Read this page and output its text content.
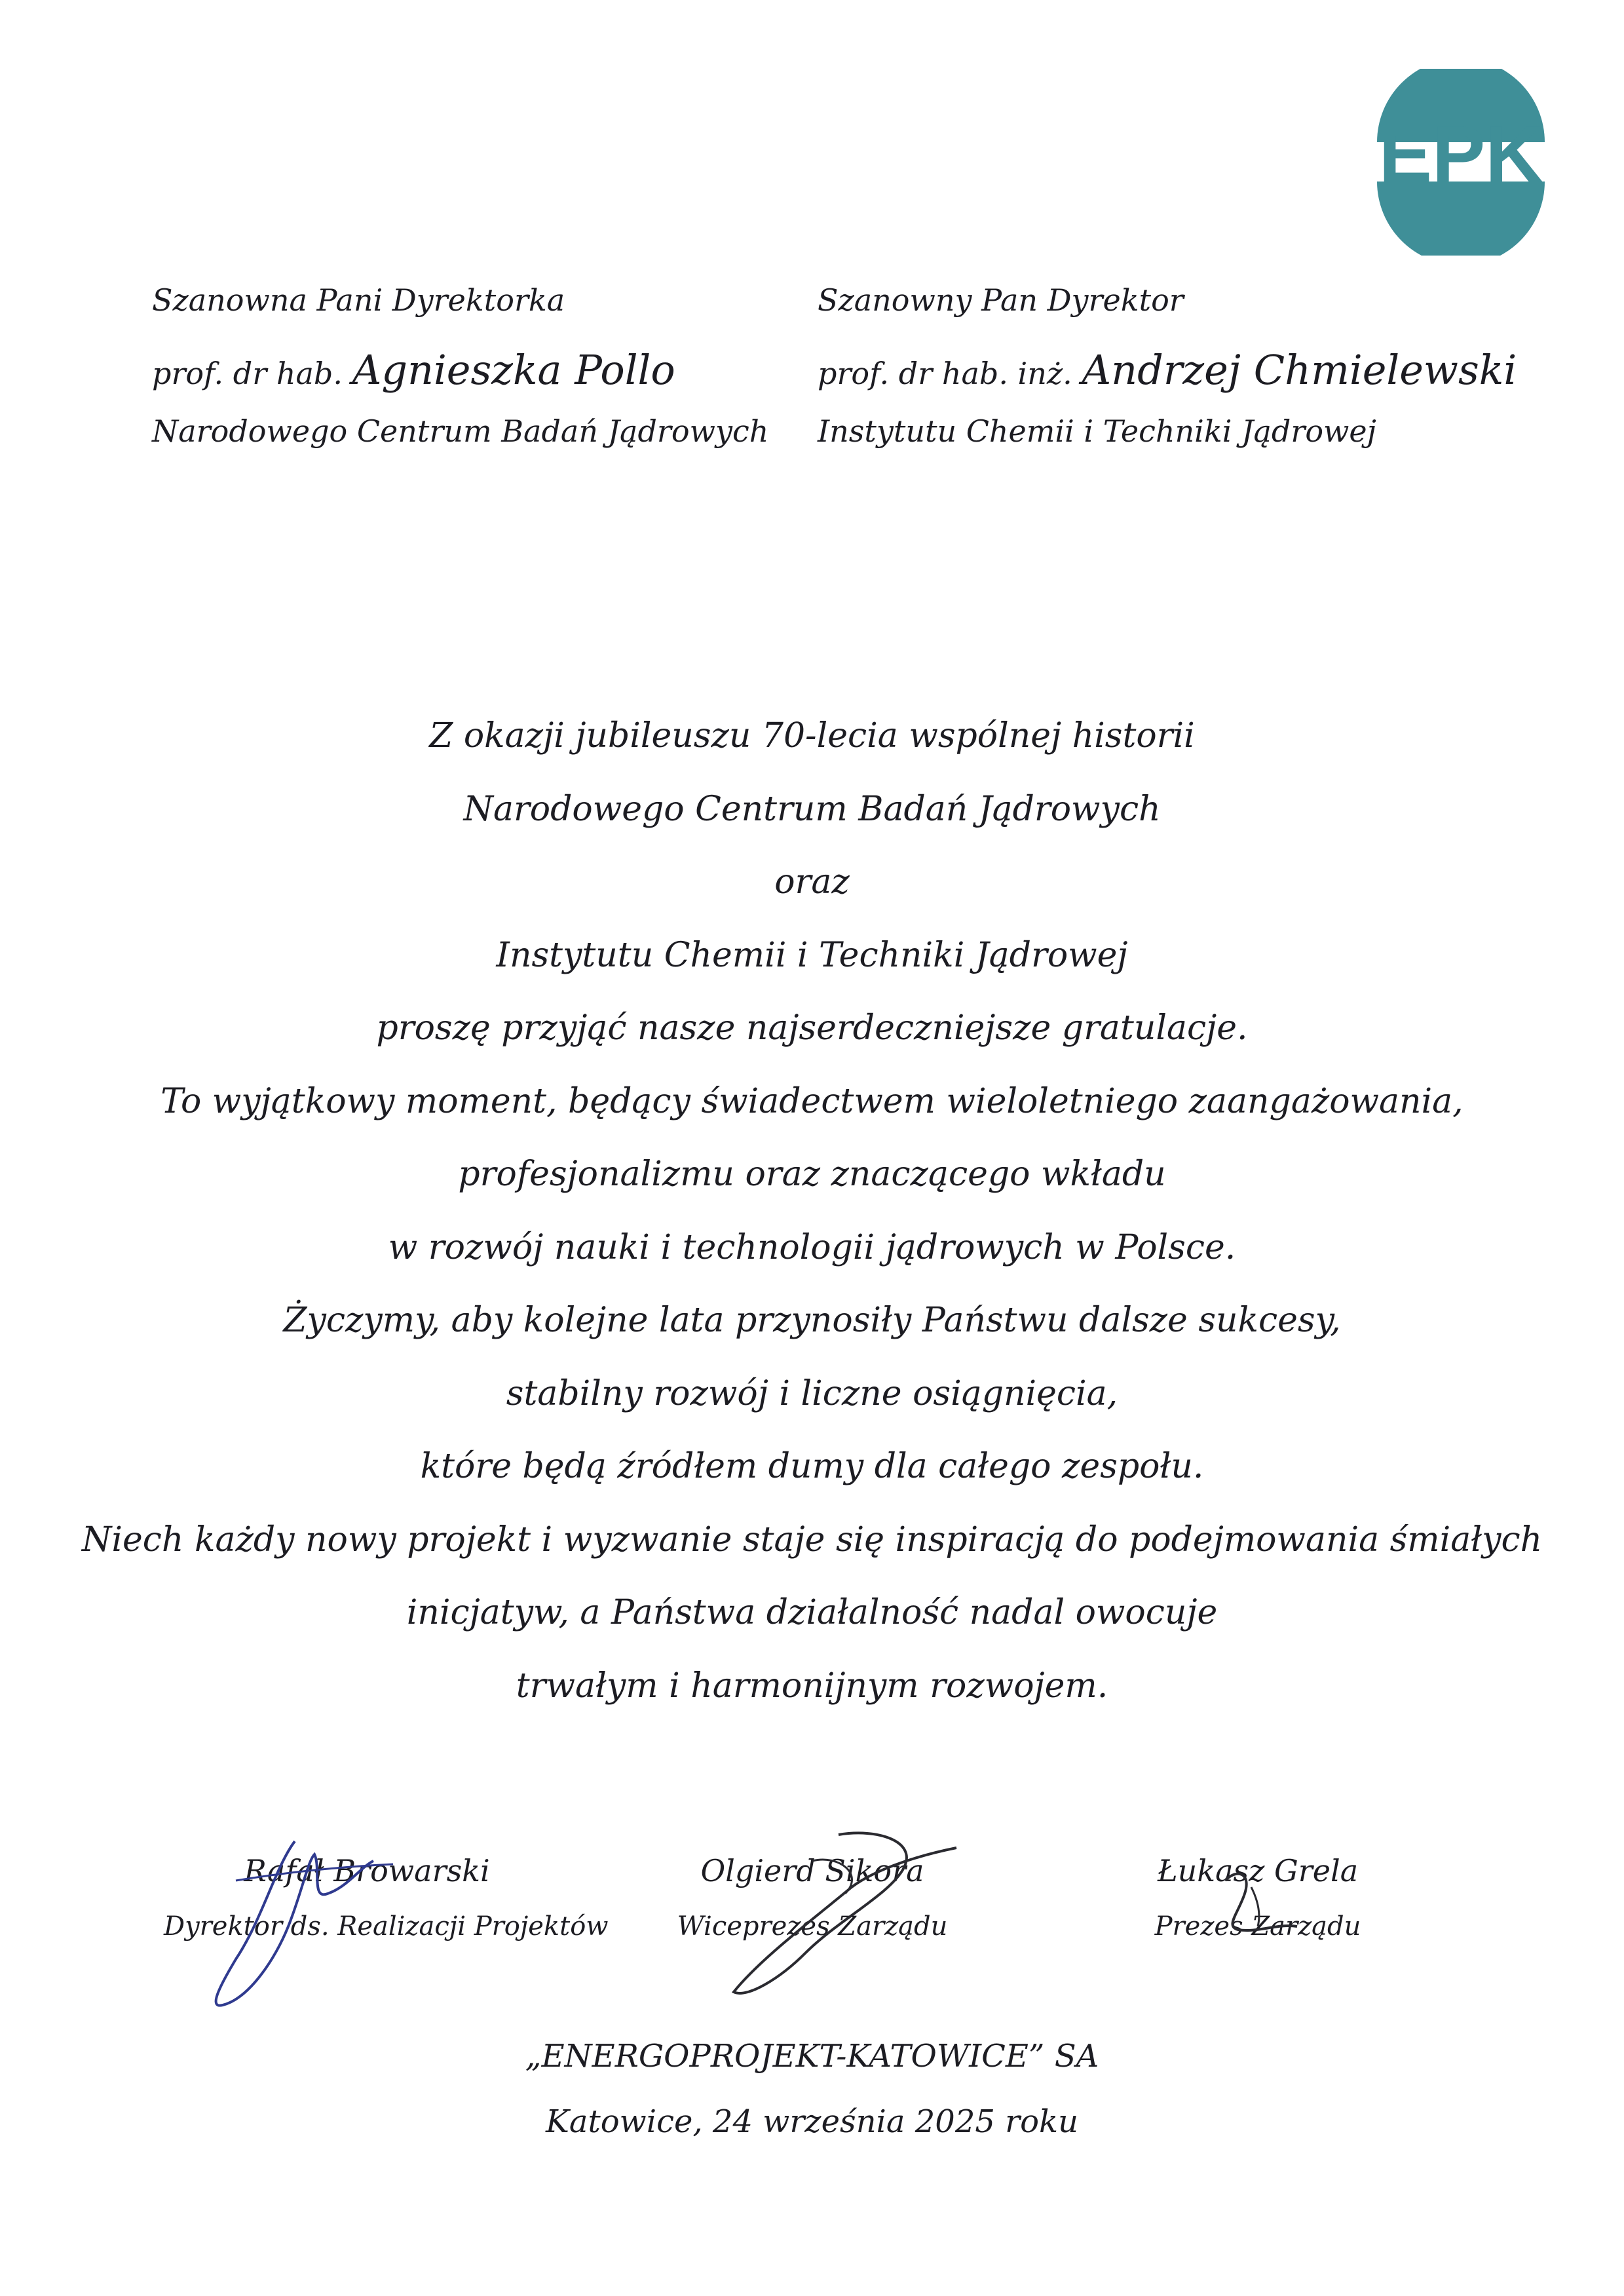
EPK
Szanowna Pani Dyrektorka
prof. dr hab. Agnieszka Pollo
Narodowego Centrum Badań Jądrowych
Szanowny Pan Dyrektor
prof. dr hab. inż. Andrzej Chmielewski
Instytutu Chemii i Techniki Jądrowej
Z okazji jubileuszu 70-lecia wspólnej historii
Narodowego Centrum Badań Jądrowych
oraz
Instytutu Chemii i Techniki Jądrowej
proszę przyjąć nasze najserdeczniejsze gratulacje.
To wyjątkowy moment, będący świadectwem wieloletniego zaangażowania,
profesjonalizmu oraz znaczącego wkładu
w rozwój nauki i technologii jądrowych w Polsce.
Życzymy, aby kolejne lata przynosiły Państwu dalsze sukcesy,
stabilny rozwój i liczne osiągnięcia,
które będą źródłem dumy dla całego zespołu.
Niech każdy nowy projekt i wyzwanie staje się inspiracją do podejmowania śmiałych
inicjatyw, a Państwa działalność nadal owocuje
trwałym i harmonijnym rozwojem.
Rafał Browarski
Dyrektor ds. Realizacji Projektów
Olgierd Sikora
Wiceprezes Zarządu
Łukasz Grela
Prezes Zarządu
„ENERGOPROJEKT-KATOWICE” SA
Katowice, 24 września 2025 roku
